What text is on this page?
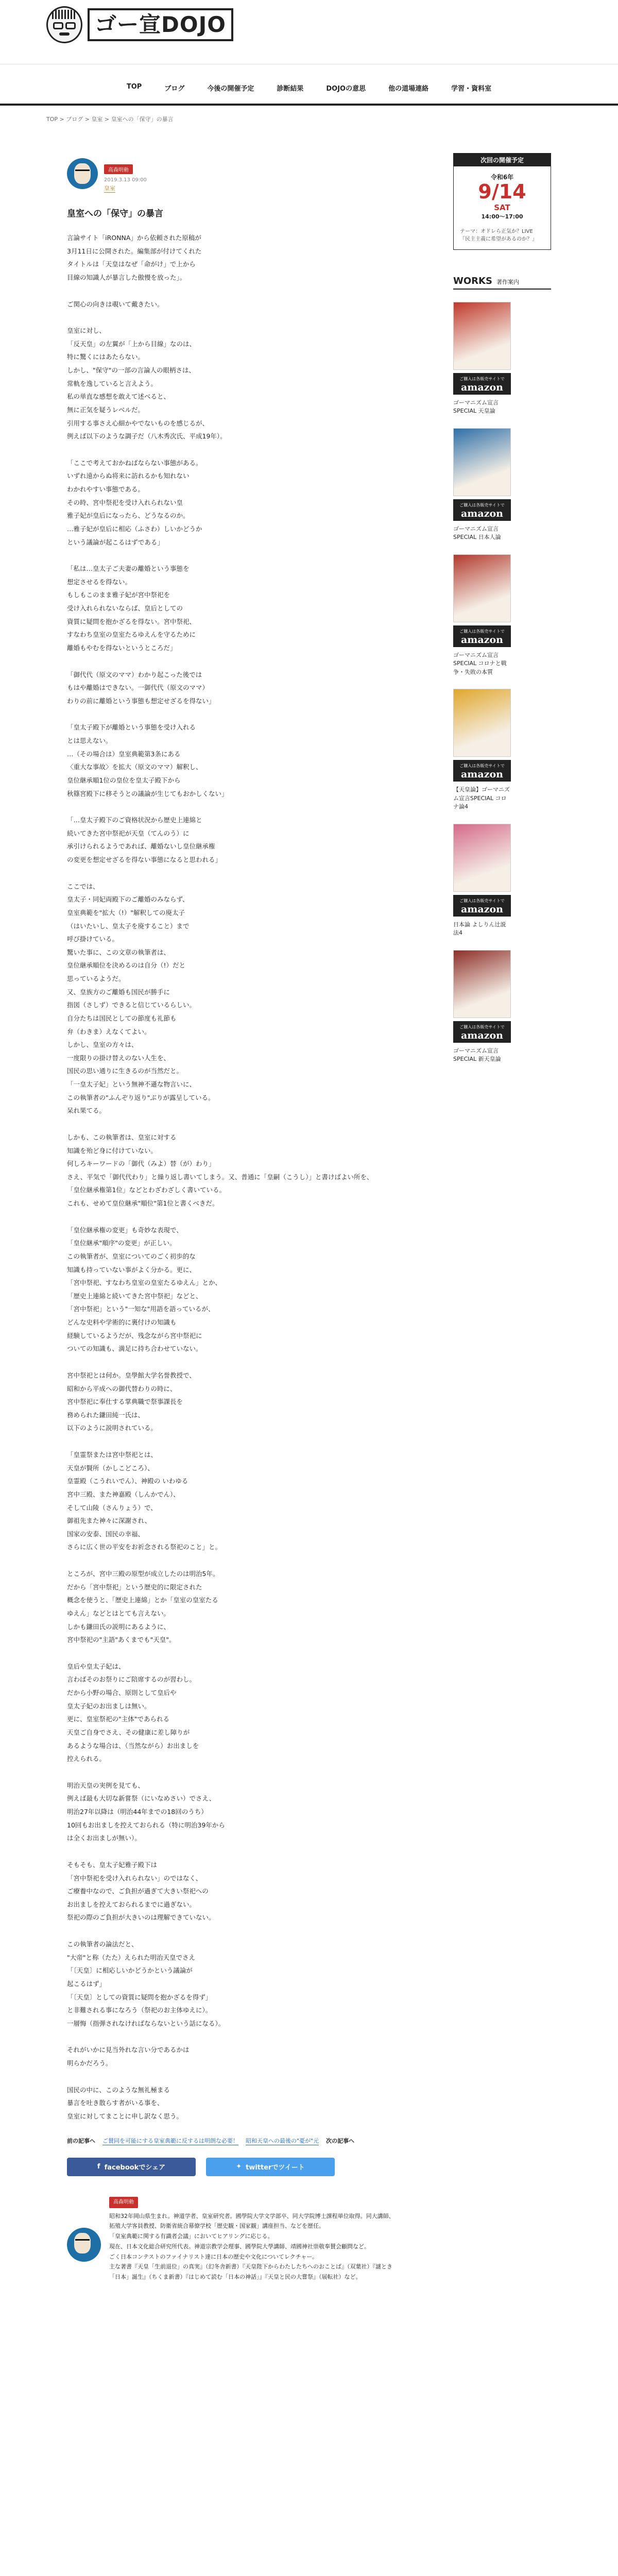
ゴー宣DOJO
TOP	ブログ	今後の開催予定	診断結果	DOJOの意思	他の道場連絡	学習・資料室
TOP > ブログ > 皇室 > 皇室への「保守」の暴言
高森明勅
2019.3.13 09:00
皇室
皇室への「保守」の暴言

言論サイト「iRONNA」から依頼された原稿が
3月11日に公開された。編集部が付けてくれた
タイトルは「天皇はなぜ「命がけ」で上から
目線の知識人が暴言した傲慢を放った」。

ご関心の向きは覗いて戴きたい。

皇室に対し、
「反天皇」の左翼が「上から目線」なのは、
特に驚くにはあたらない。
しかし、"保守"の一部の言論人の眼柄さは、
常軌を逸していると言えよう。
私の単直な感想を敢えて述べると、
無に正気を疑うレベルだ。
引用する事さえ心細かやでないものを感じるが、
例えば以下のような調子だ（八木秀次氏、平成19年）。

「ここで考えておかねばならない事態がある。
いずれ遠からぬ将来に訪れるかも知れない
わかれやすい事態である。
その時、宮中祭祀を受け入れられない皇
雅子妃が皇后になったら、どうなるのか。
…雅子妃が皇后に相応（ふさわ）しいかどうか
という議論が起こるはずである」

「私は…皇太子ご夫妻の離婚という事態を
想定させるを得ない。
もしもこのまま雅子妃が宮中祭祀を
受け入れられないならば、皇后としての
資質に疑問を抱かざるを得ない。宮中祭祀、
すなわち皇室の皇室たるゆえんを守るために
離婚もやむを得ないというところだ」

「御代代（原文のママ）わかり起こった後では
もはや離婚はできない。一御代代（原文のママ）
わりの前に離婚という事態も想定せざるを得ない」

「皇太子殿下が離婚という事態を受け入れる
とは思えない。
…（その場合は）皇室典範第3条にある
〈重大な事故〉を拡大（原文のママ）解釈し、
皇位継承順1位の皇位を皇太子殿下から
秋篠宮殿下に移そうとの議論が生じてもおかしくない」

「…皇太子殿下のご資格状況から歴史上連綿と
続いてきた宮中祭祀が天皇（てんのう）に
承引けられるようであれば、離婚ないし皇位継承権
の変更を想定せざるを得ない事態になると思われる」

ここでは、
皇太子・同妃両殿下のご離婚のみならず、
皇室典範を"拡大（!）"解釈しての廃太子
（はいたいし、皇太子を廃すること）まで
呼び掛けている。
驚いた事に、この文章の執筆者は、
皇位継承順位を決めるのは自分（!）だと
思っているようだ。
又、皇族方のご離婚も国民が勝手に
指図（さしず）できると信じているらしい。
自分たちは国民としての節度も礼節も
弁（わきま）えなくてよい。
しかし、皇室の方々は、
一度限りの掛け替えのない人生を、
国民の思い通りに生きるのが当然だと。
「一皇太子妃」という無神不遜な物言いに、
この執筆者の"ふんぞり返り"ぶりが露呈している。
呆れ果てる。

しかも、この執筆者は、皇室に対する
知識を殆ど身に付けていない。
何しろキーワードの「御代（みよ）替（が）わり」
さえ、平気で「御代代わり」と繰り返し書いてしまう。又、普通に「皇嗣（こうし）」と書けばよい所を、
「皇位継承権第1位」などとわざわざしく書いている。
これも、せめて皇位継承"順位"第1位と書くべきだ。

「皇位継承権の変更」も奇妙な表現で、
「皇位継承"順序"の変更」が正しい。
この執筆者が、皇室についてのごく初歩的な
知識も持っていない事がよく分かる。更に、
「宮中祭祀、すなわち皇室の皇室たるゆえん」とか、
「歴史上連綿と続いてきた宮中祭祀」などと、
「宮中祭祀」という"一知な"用語を語っているが、
どんな史料や学術的に裏付けの知識も
経験しているようだが、残念ながら宮中祭祀に
ついての知識も、満足に持ち合わせていない。

宮中祭祀とは何か。皇學館大学名誉教授で、
昭和から平成への御代替わりの時に、
宮中祭祀に奉仕する掌典職で祭事課長を
務められた鎌田純一氏は、
以下のように説明されている。

「皇霊祭または宮中祭祀とは、
天皇が賢所（かしこどころ）、
皇霊殿（こうれいでん）、神殿の いわゆる
宮中三殿、また神嘉殿（しんかでん）、
そして山陵（さんりょう）で、
御祖先また神々に深謝され、
国家の安泰、国民の幸福、
さらに広く世の平安をお祈念される祭祀のこと」と。

ところが、宮中三殿の原型が成立したのは明治5年。
だから「宮中祭祀」という歴史的に限定された
概念を使うと、「歴史上連綿」とか「皇室の皇室たる
ゆえん」などとはとても言えない。
しかも鎌田氏の説明にあるように、
宮中祭祀の"主語"あくまでも"天皇"。

皇后や皇太子妃は、
言わばそのお祭りにご陪席するのが習わし。
だから小野の場合、原則として皇后や
皇太子妃のお出ましは無い。
更に、皇室祭祀の"主体"であられる
天皇ご自身でさえ、その健康に差し障りが
あるような場合は、（当然ながら）お出ましを
控えられる。

明治天皇の実例を見ても、
例えば最も大切な新嘗祭（にいなめさい）でさえ、
明治27年以降は（明治44年までの18回のうち）
10回もお出ましを控えておられる（特に明治39年から
は全くお出ましが無い）。

そもそも、皇太子妃雅子殿下は
「宮中祭祀を受け入れられない」のではなく、
ご療養中なので、ご負担が過ぎて大きい祭祀への
お出ましを控えておられるまでに過ぎない。
祭祀の際のご負担が大きいのは理解できていない。

この執筆者の論法だと、
"大帝"と称（たた）えられた明治天皇でさえ
「〔天皇〕に相応しいかどうかという議論が
起こるはず」
「〔天皇〕としての資質に疑問を抱かざるを得ず」
と非難される事になろう（祭祀のお主体ゆえに）。
一層悔（指弾されなければならないという話になる）。

それがいかに見当外れな言い分であるかは
明らかだろう。

国民の中に、このような無礼極まる
暴言を吐き散らす者がいる事を、
皇室に対してまことに申し訳なく思う。

前の記事へ ご賛同を可能にする皇室典範に反するは明朗な必要！ 昭和天皇への最後の"憂が"元 次の記事へ
f facebookでシェア	✦ twitterでツイート
高森明勅

昭和32年岡山県生まれ。神道学者、皇室研究者。國學院大学文学部卒、同大学院博士課程単位取得。同大講師、拓殖大学客員教授、防衛省統合幕僚学校「歴史観・国家観」講座担当、などを歴任。
「皇室典範に関する有識者会議」においてヒアリングに応じる。
現在、日本文化総合研究所代表。神道宗教学会理事、國學院大學講師、靖國神社崇敬奉賛会顧問など。
ごく日本コンテストのファイナリスト達に日本の歴史や文化についてレクチャー。
主な著書『天皇「生前退位」の真実』（幻冬舎新書）『天皇陛下からわたしたちへのおことば』（双葉社）『謎とき「日本」誕生』（ちくま新書）『はじめて読む「日本の神話」』『天皇と民の大嘗祭』（展転社）など。

次回の開催予定
令和6年
9/14
SAT
14:00〜17:00
テーマ：オドレら正気か？LIVE
「民主主義に希望があるのか？」
WORKS 著作案内
ご購入は各販売サイトで
amazon
ゴーマニズム宣言SPECIAL 天皇論
ご購入は各販売サイトで
amazon
ゴーマニズム宣言SPECIAL 日本人論
ご購入は各販売サイトで
amazon
ゴーマニズム宣言SPECIAL コロナと戦争・失敗の本質
ご購入は各販売サイトで
amazon
【天皇論】ゴーマニズム宣言SPECIAL コロナ論4
ご購入は各販売サイトで
amazon
日本論 よしりん辻説法4
ご購入は各販売サイトで
amazon
ゴーマニズム宣言SPECIAL 新天皇論
